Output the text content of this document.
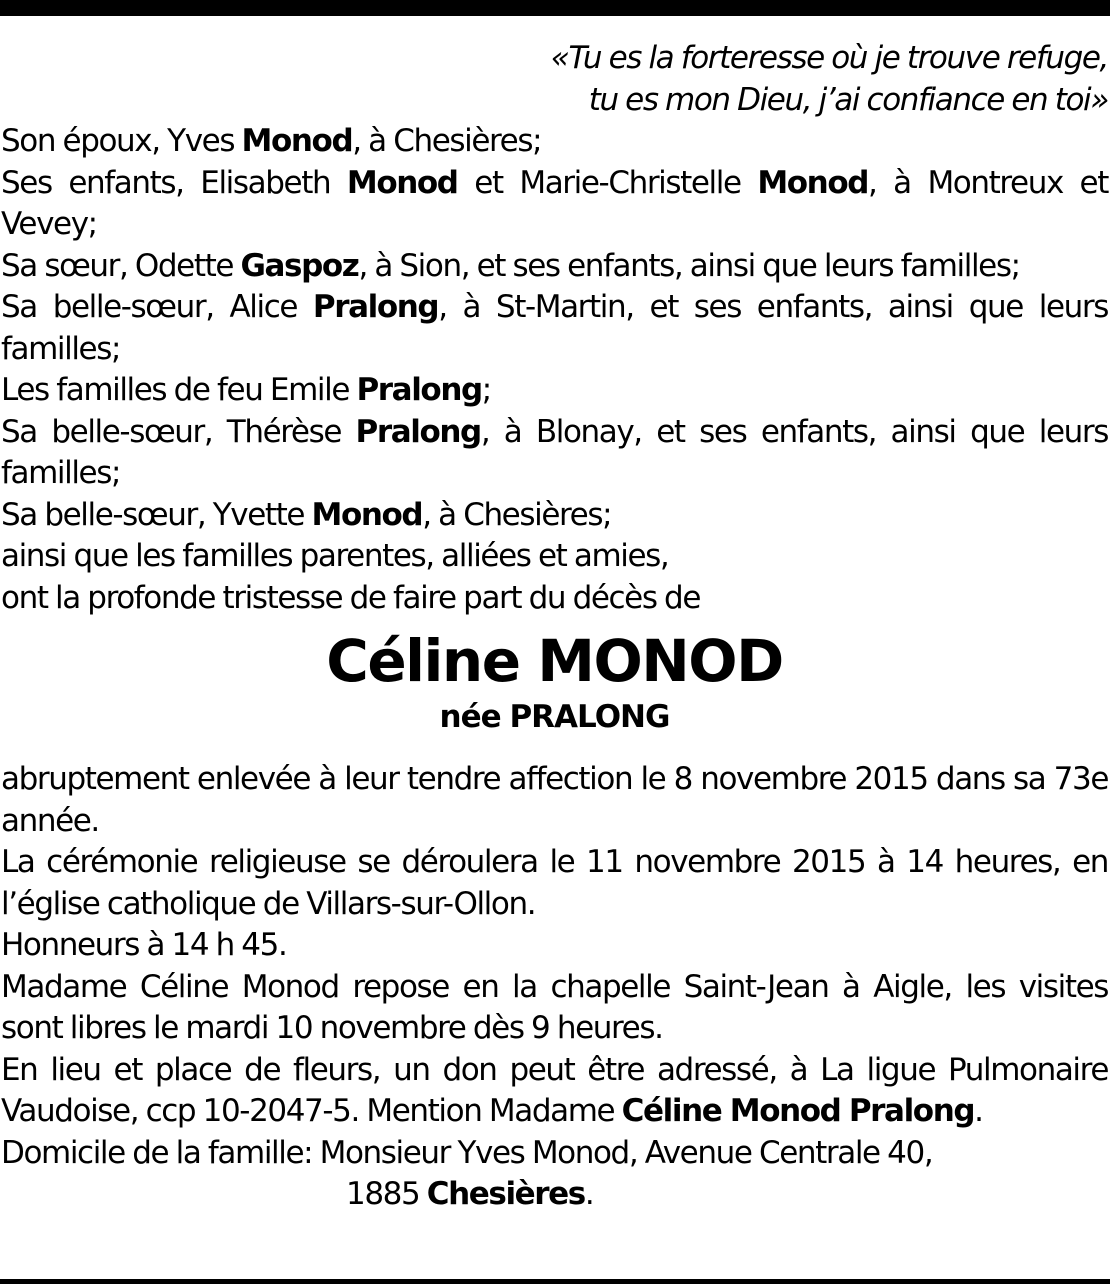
«Tu es la forteresse où je trouve refuge,
tu es mon Dieu, j’ai confiance en toi»
Son époux, Yves Monod, à Chesières;
Ses enfants, Elisabeth Monod et Marie-Christelle Monod, à Montreux et Vevey;
Sa sœur, Odette Gaspoz, à Sion, et ses enfants, ainsi que leurs familles;
Sa belle-sœur, Alice Pralong, à St-Martin, et ses enfants, ainsi que leurs familles;
Les familles de feu Emile Pralong;
Sa belle-sœur, Thérèse Pralong, à Blonay, et ses enfants, ainsi que leurs familles;
Sa belle-sœur, Yvette Monod, à Chesières;
ainsi que les familles parentes, alliées et amies,
ont la profonde tristesse de faire part du décès de
Céline MONOD
née PRALONG
abruptement enlevée à leur tendre affection le 8 novembre 2015 dans sa 73e année.
La cérémonie religieuse se déroulera le 11 novembre 2015 à 14 heures, en l’église catholique de Villars-sur-Ollon.
Honneurs à 14 h 45.
Madame Céline Monod repose en la chapelle Saint-Jean à Aigle, les visites sont libres le mardi 10 novembre dès 9 heures.
En lieu et place de fleurs, un don peut être adressé, à La ligue Pulmonaire Vaudoise, ccp 10-2047-5. Mention Madame Céline Monod Pralong.
Domicile de la famille: Monsieur Yves Monod, Avenue Centrale 40,
1885 Chesières.
